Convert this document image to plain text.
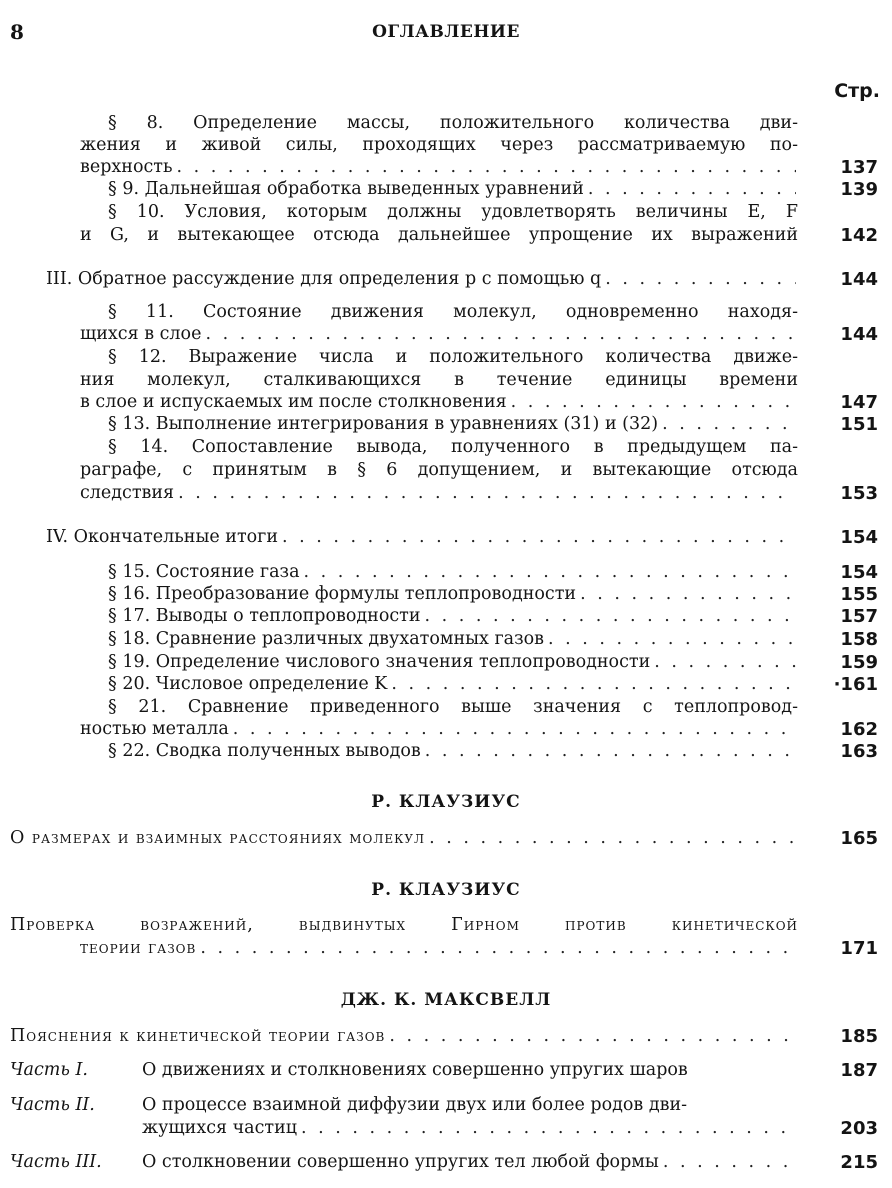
8	ОГЛАВЛЕНИЕ
Стр.
§ 8. Определение массы, положительного количества дви-
жения и живой силы, проходящих через рассматриваемую по-
верхность . . .	137
§ 9. Дальнейшая обработка выведенных уравнений . . .	139
§ 10. Условия, которым должны удовлетворять величины E, F
и G, и вытекающее отсюда дальнейшее упрощение их выражений	142
III. Обратное рассуждение для определения p с помощью q . . .	144
§ 11. Состояние движения молекул, одновременно находя-
щихся в слое . . .	144
§ 12. Выражение числа и положительного количества движе-
ния молекул, сталкивающихся в течение единицы времени
в слое и испускаемых им после столкновения . . .	147
§ 13. Выполнение интегрирования в уравнениях (31) и (32) . . .	151
§ 14. Сопоставление вывода, полученного в предыдущем па-
раграфе, с принятым в § 6 допущением, и вытекающие отсюда
следствия . . .	153
IV. Окончательные итоги . . .	154
§ 15. Состояние газа . . .	154
§ 16. Преобразование формулы теплопроводности . . .	155
§ 17. Выводы о теплопроводности . . .	157
§ 18. Сравнение различных двухатомных газов . . .	158
§ 19. Определение числового значения теплопроводности . . .	159
§ 20. Числовое определение K . . .	·161
§ 21. Сравнение приведенного выше значения с теплопровод-
ностью металла . . .	162
§ 22. Сводка полученных выводов . . .	163
Р. КЛАУЗИУС
О размерах и взаимных расстояниях молекул . . .	165
Р. КЛАУЗИУС
Проверка возражений, выдвинутых Гирном против кинетической
теории газов . . .	171
ДЖ. К. МАКСВЕЛЛ
Пояснения к кинетической теории газов . . .	185
Часть I.	О движениях и столкновениях совершенно упругих шаров	187
Часть II.	О процессе взаимной диффузии двух или более родов дви-
жущихся частиц . . .	203
Часть III.	О столкновении совершенно упругих тел любой формы . . .	215
